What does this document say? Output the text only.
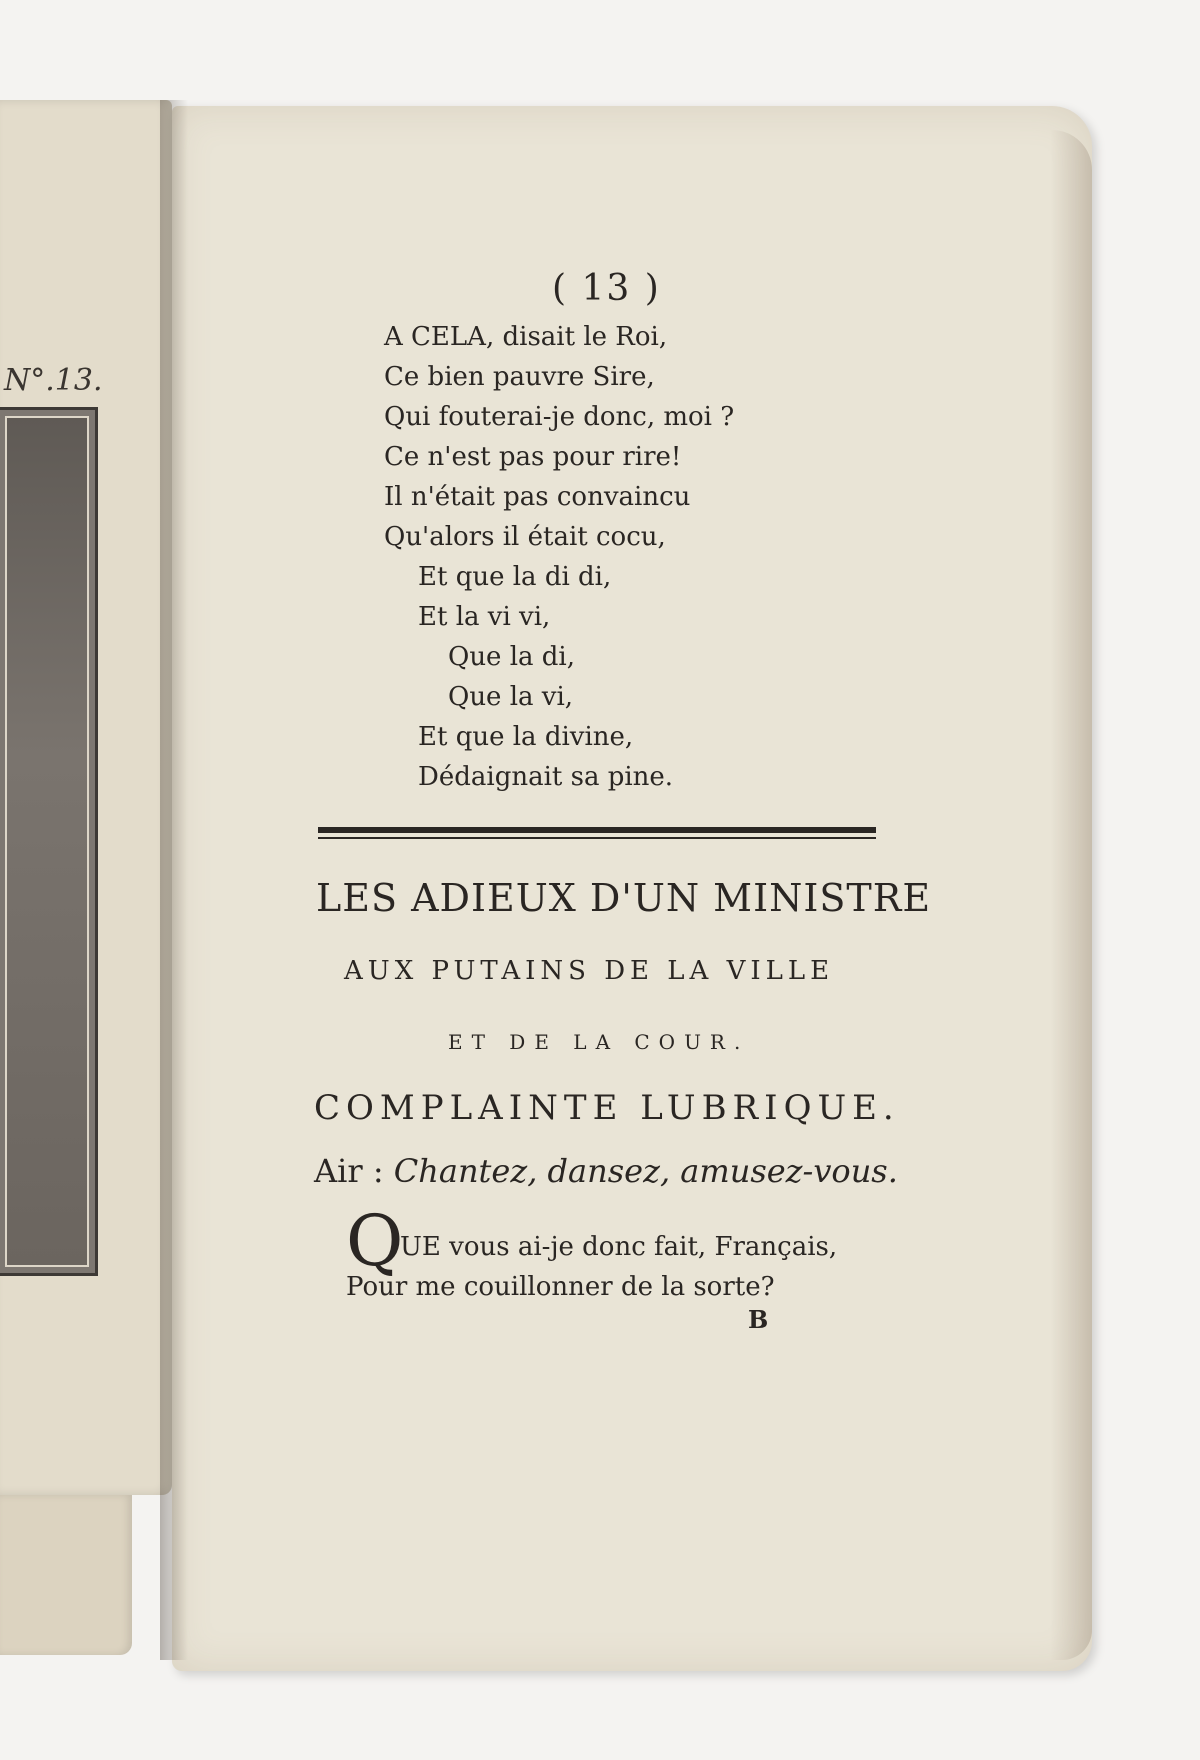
N°.13.
( 13 )
A CELA, disait le Roi,
Ce bien pauvre Sire,
Qui fouterai-je donc, moi ?
Ce n'est pas pour rire!
Il n'était pas convaincu
Qu'alors il était cocu,
Et que la di di,
Et la vi vi,
Que la di,
Que la vi,
Et que la divine,
Dédaignait sa pine.
LES ADIEUX D'UN MINISTRE
AUX PUTAINS DE LA VILLE
ET DE LA COUR.
COMPLAINTE LUBRIQUE.
Air : Chantez, dansez, amusez-vous.
Q
UE vous ai-je donc fait, Français,
Pour me couillonner de la sorte?
B
